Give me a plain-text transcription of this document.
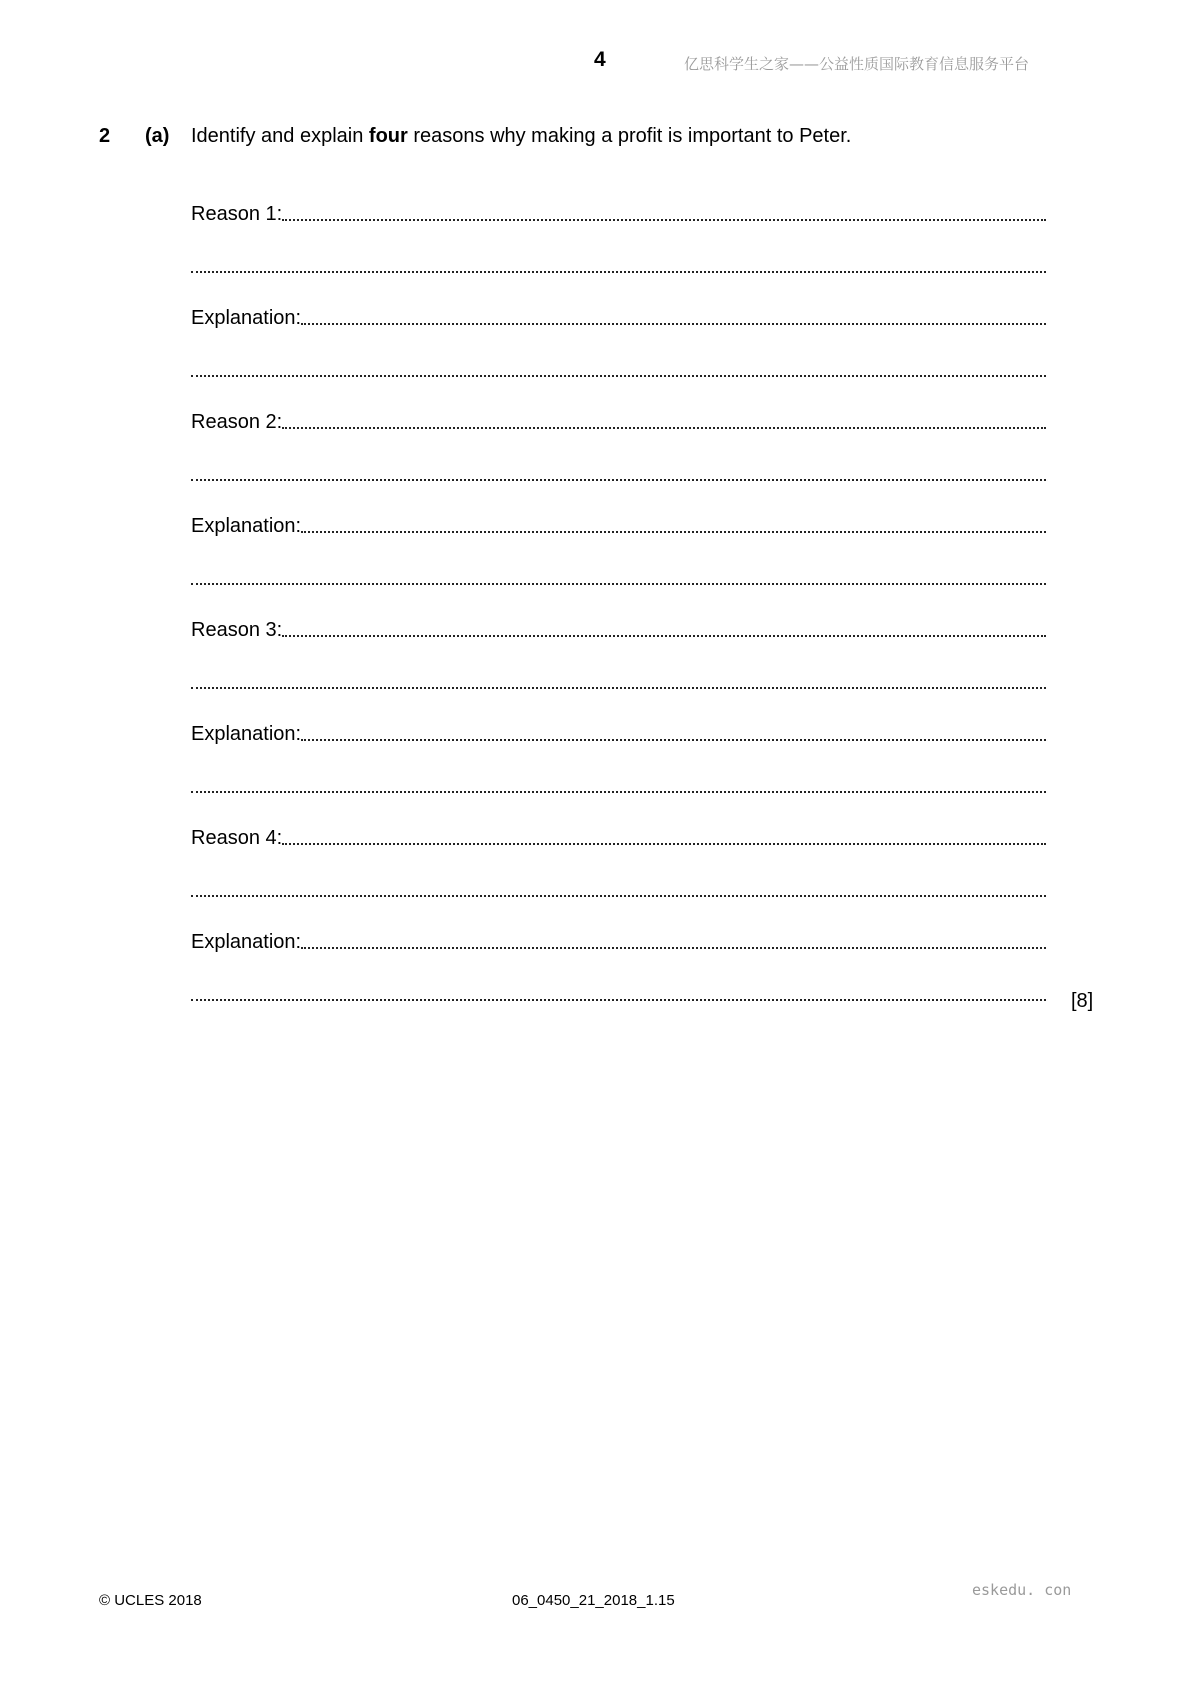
4	亿思科学生之家——公益性质国际教育信息服务平台
2 (a) Identify and explain four reasons why making a profit is important to Peter.
Reason 1:
Explanation:
Reason 2:
Explanation:
Reason 3:
Explanation:
Reason 4:
Explanation:
[8]
© UCLES 2018	06_0450_21_2018_1.15
eskedu. con
